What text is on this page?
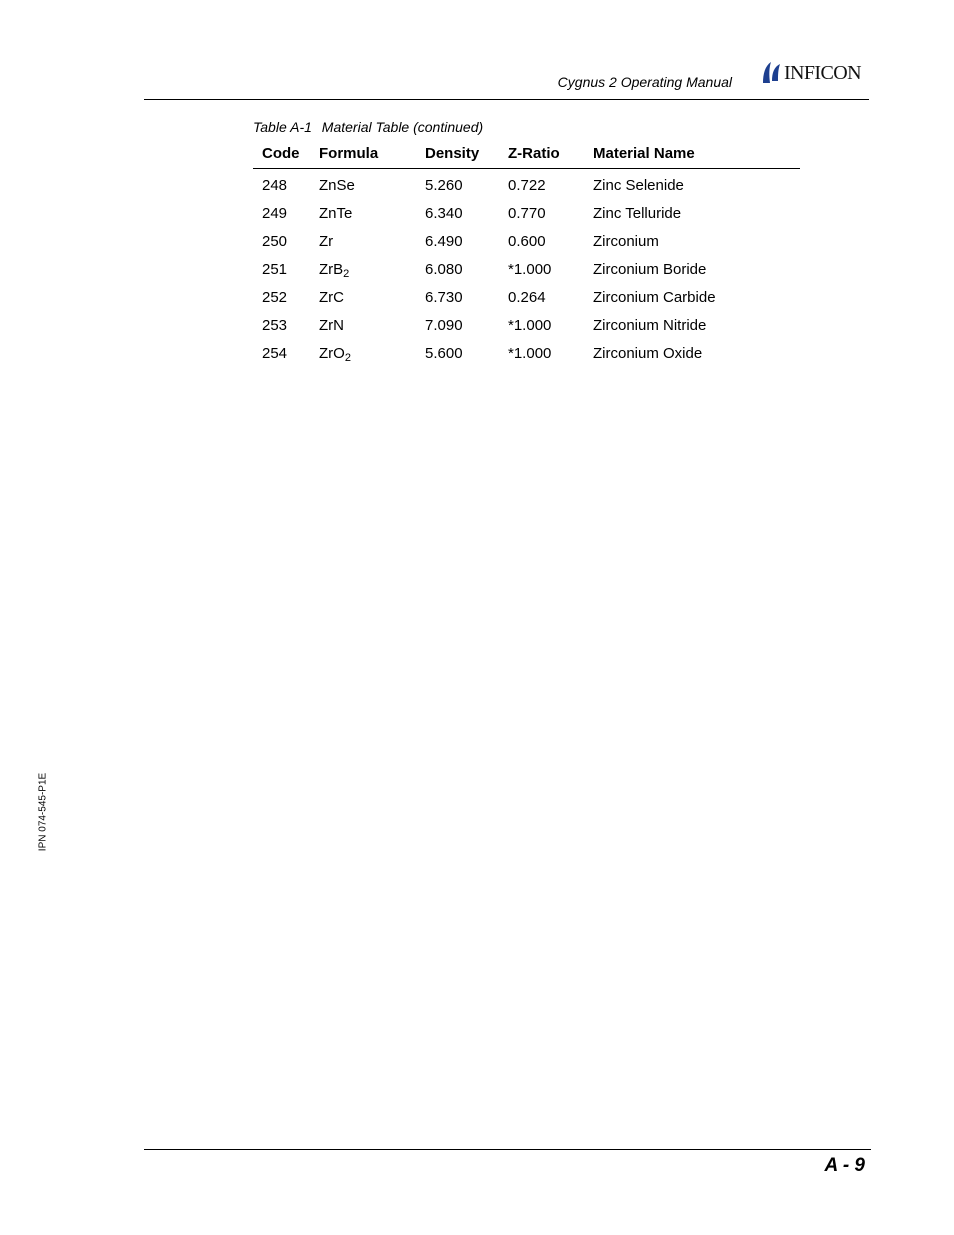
Cygnus 2 Operating Manual	INFICON
Table A-1 Material Table (continued)
Code	Formula	Density	Z-Ratio	Material Name
248	ZnSe	5.260	0.722	Zinc Selenide
249	ZnTe	6.340	0.770	Zinc Telluride
250	Zr	6.490	0.600	Zirconium
251	ZrB$_2$	6.080	*1.000	Zirconium Boride
252	ZrC	6.730	0.264	Zirconium Carbide
253	ZrN	7.090	*1.000	Zirconium Nitride
254	ZrO$_2$	5.600	*1.000	Zirconium Oxide
IPN 074-545-P1E
A - 9
